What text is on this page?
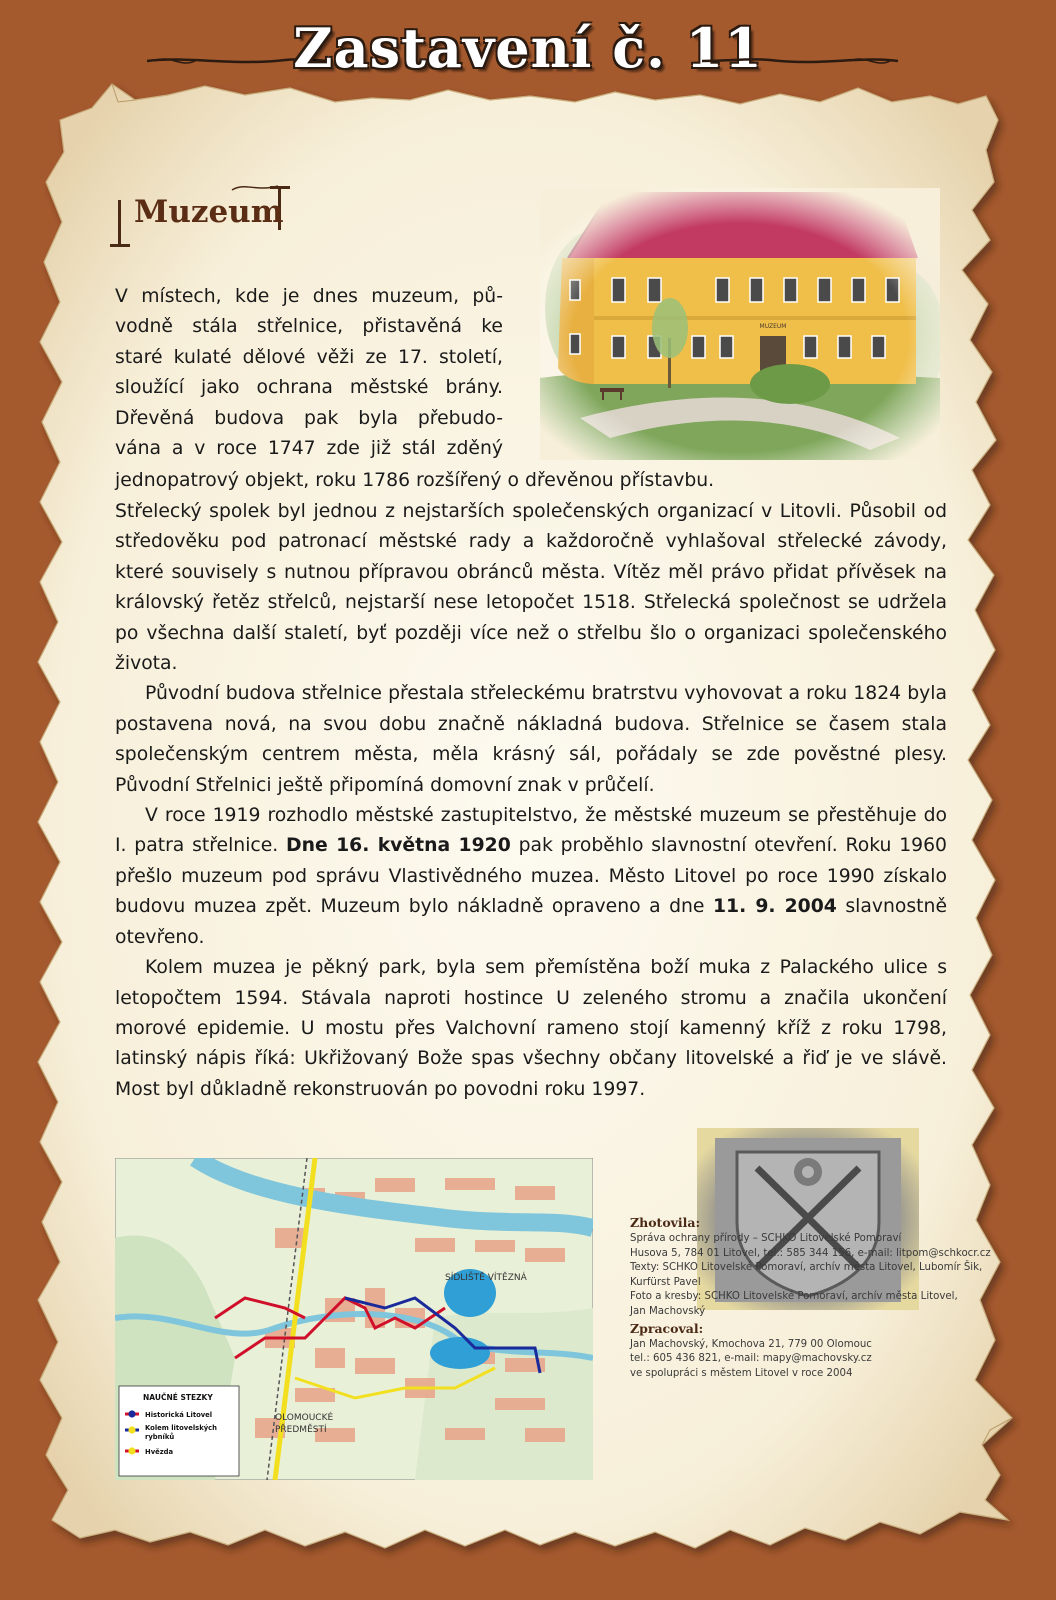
Zastavení č. 11
Muzeum
V místech, kde je dnes muzeum, pů-
vodně stála střelnice, přistavěná ke
staré kulaté dělové věži ze 17. století,
sloužící jako ochrana městské brány.
Dřevěná budova pak byla přebudo-
vána a v roce 1747 zde již stál zděný
jednopatrový objekt, roku 1786 rozšířený o dřevěnou přístavbu.

Střelecký spolek byl jednou z nejstarších společenských organizací v Litovli. Působil od středověku pod patronací městské rady a každoročně vyhlašoval střelecké závody, které souvisely s nutnou přípravou obránců města. Vítěz měl právo přidat přívěsek na královský řetěz střelců, nejstarší nese letopočet 1518. Střelecká společnost se udržela po všechna další staletí, byť později více než o střelbu šlo o organizaci společenského života.

Původní budova střelnice přestala střeleckému bratrstvu vyhovovat a roku 1824 byla postavena nová, na svou dobu značně nákladná budova. Střelnice se časem stala společenským centrem města, měla krásný sál, pořádaly se zde pověstné plesy. Původní Střelnici ještě připomíná domovní znak v průčelí.

V roce 1919 rozhodlo městské zastupitelstvo, že městské muzeum se přestěhuje do I. patra střelnice. Dne 16. května 1920 pak proběhlo slavnostní otevření. Roku 1960 přešlo muzeum pod správu Vlastivědného muzea. Město Litovel po roce 1990 získalo budovu muzea zpět. Muzeum bylo nákladně opraveno a dne 11. 9. 2004 slavnostně otevřeno.

Kolem muzea je pěkný park, byla sem přemístěna boží muka z Palackého ulice s letopočtem 1594. Stávala naproti hostince U zeleného stromu a značila ukončení morové epidemie. U mostu přes Valchovní rameno stojí kamenný kříž z roku 1798, latinský nápis říká: Ukřižovaný Bože spas všechny občany litovelské a řiď je ve slávě. Most byl důkladně rekonstruován po povodni roku 1997.

SÍDLIŠTĚ VÍTĚZNÁ
OLOMOUCKÉ
PŘEDMĚSTÍ
NAUČNÉ STEZKY
Historická Litovel
Kolem litovelských
rybníků
Hvězda
Zhotovila:
Správa ochrany přírody – SCHKO Litovelské Pomoraví
Husova 5, 784 01 Litovel, tel.: 585 344 156, e-mail: litpom@schkocr.cz
Texty: SCHKO Litovelské Pomoraví, archív města Litovel, Lubomír Šik,
Kurfürst Pavel
Foto a kresby: SCHKO Litovelské Pomoraví, archív města Litovel,
Jan Machovský
Zpracoval:
Jan Machovský, Kmochova 21, 779 00 Olomouc
tel.: 605 436 821, e-mail: mapy@machovsky.cz
ve spolupráci s městem Litovel v roce 2004
